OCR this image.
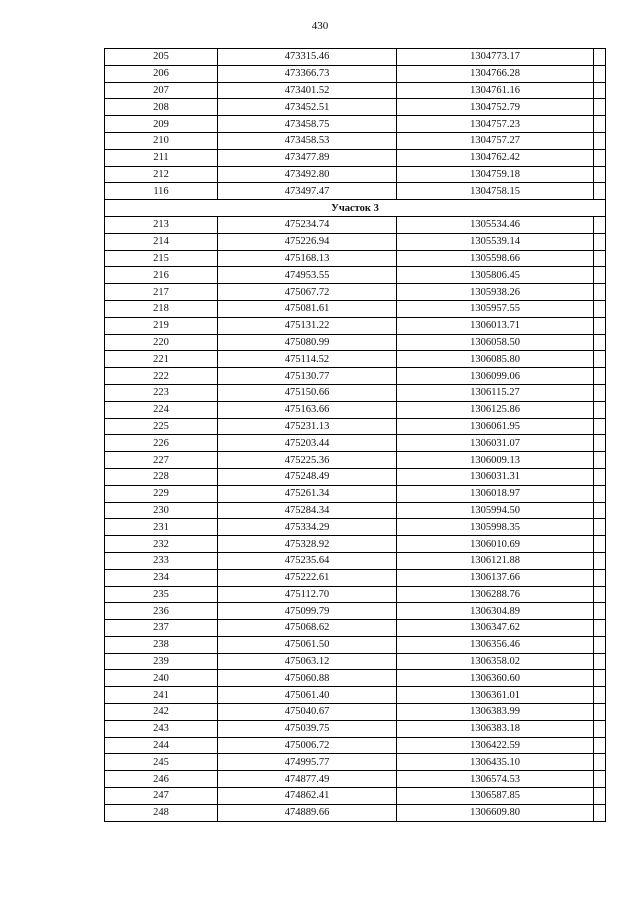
430
205	473315.46	1304773.17	
206	473366.73	1304766.28	
207	473401.52	1304761.16	
208	473452.51	1304752.79	
209	473458.75	1304757.23	
210	473458.53	1304757.27	
211	473477.89	1304762.42	
212	473492.80	1304759.18	
116	473497.47	1304758.15	
Участок 3			
213	475234.74	1305534.46	
214	475226.94	1305539.14	
215	475168.13	1305598.66	
216	474953.55	1305806.45	
217	475067.72	1305938.26	
218	475081.61	1305957.55	
219	475131.22	1306013.71	
220	475080.99	1306058.50	
221	475114.52	1306085.80	
222	475130.77	1306099.06	
223	475150.66	1306115.27	
224	475163.66	1306125.86	
225	475231.13	1306061.95	
226	475203.44	1306031.07	
227	475225.36	1306009.13	
228	475248.49	1306031.31	
229	475261.34	1306018.97	
230	475284.34	1305994.50	
231	475334.29	1305998.35	
232	475328.92	1306010.69	
233	475235.64	1306121.88	
234	475222.61	1306137.66	
235	475112.70	1306288.76	
236	475099.79	1306304.89	
237	475068.62	1306347.62	
238	475061.50	1306356.46	
239	475063.12	1306358.02	
240	475060.88	1306360.60	
241	475061.40	1306361.01	
242	475040.67	1306383.99	
243	475039.75	1306383.18	
244	475006.72	1306422.59	
245	474995.77	1306435.10	
246	474877.49	1306574.53	
247	474862.41	1306587.85	
248	474889.66	1306609.80	
